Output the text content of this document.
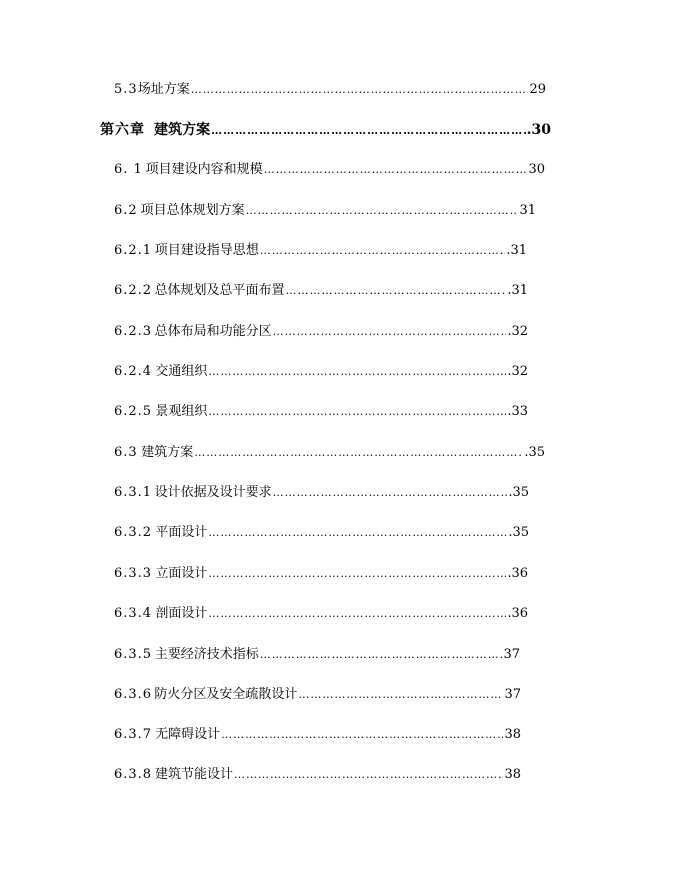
5.3 场址方案 …………………………………………………………………………………………………………………………	29
第六章 建筑方案 …………………………………………………………………………………………………………………………	.30
6. 1 项目建设内容和规模 …………………………………………………………………………………………………………………………	30
6.2 项目总体规划方案 …………………………………………………………………………………………………………………………	31
6.2.1 项目建设指导思想 …………………………………………………………………………………………………………………………	.31
6.2.2 总体规划及总平面布置 …………………………………………………………………………………………………………………………	.31
6.2.3 总体布局和功能分区 …………………………………………………………………………………………………………………………	.32
6.2.4 交通组织 …………………………………………………………………………………………………………………………	.32
6.2.5 景观组织 …………………………………………………………………………………………………………………………	.33
6.3 建筑方案 …………………………………………………………………………………………………………………………	.35
6.3.1 设计依据及设计要求 …………………………………………………………………………………………………………………………	.35
6.3.2 平面设计 …………………………………………………………………………………………………………………………	.35
6.3.3 立面设计 …………………………………………………………………………………………………………………………	.36
6.3.4 剖面设计 …………………………………………………………………………………………………………………………	.36
6.3.5 主要经济技术指标 …………………………………………………………………………………………………………………………	37
6.3.6 防火分区及安全疏散设计 …………………………………………………………………………………………………………………………	37
6.3.7 无障碍设计 …………………………………………………………………………………………………………………………	38
6.3.8 建筑节能设计 …………………………………………………………………………………………………………………………	38
